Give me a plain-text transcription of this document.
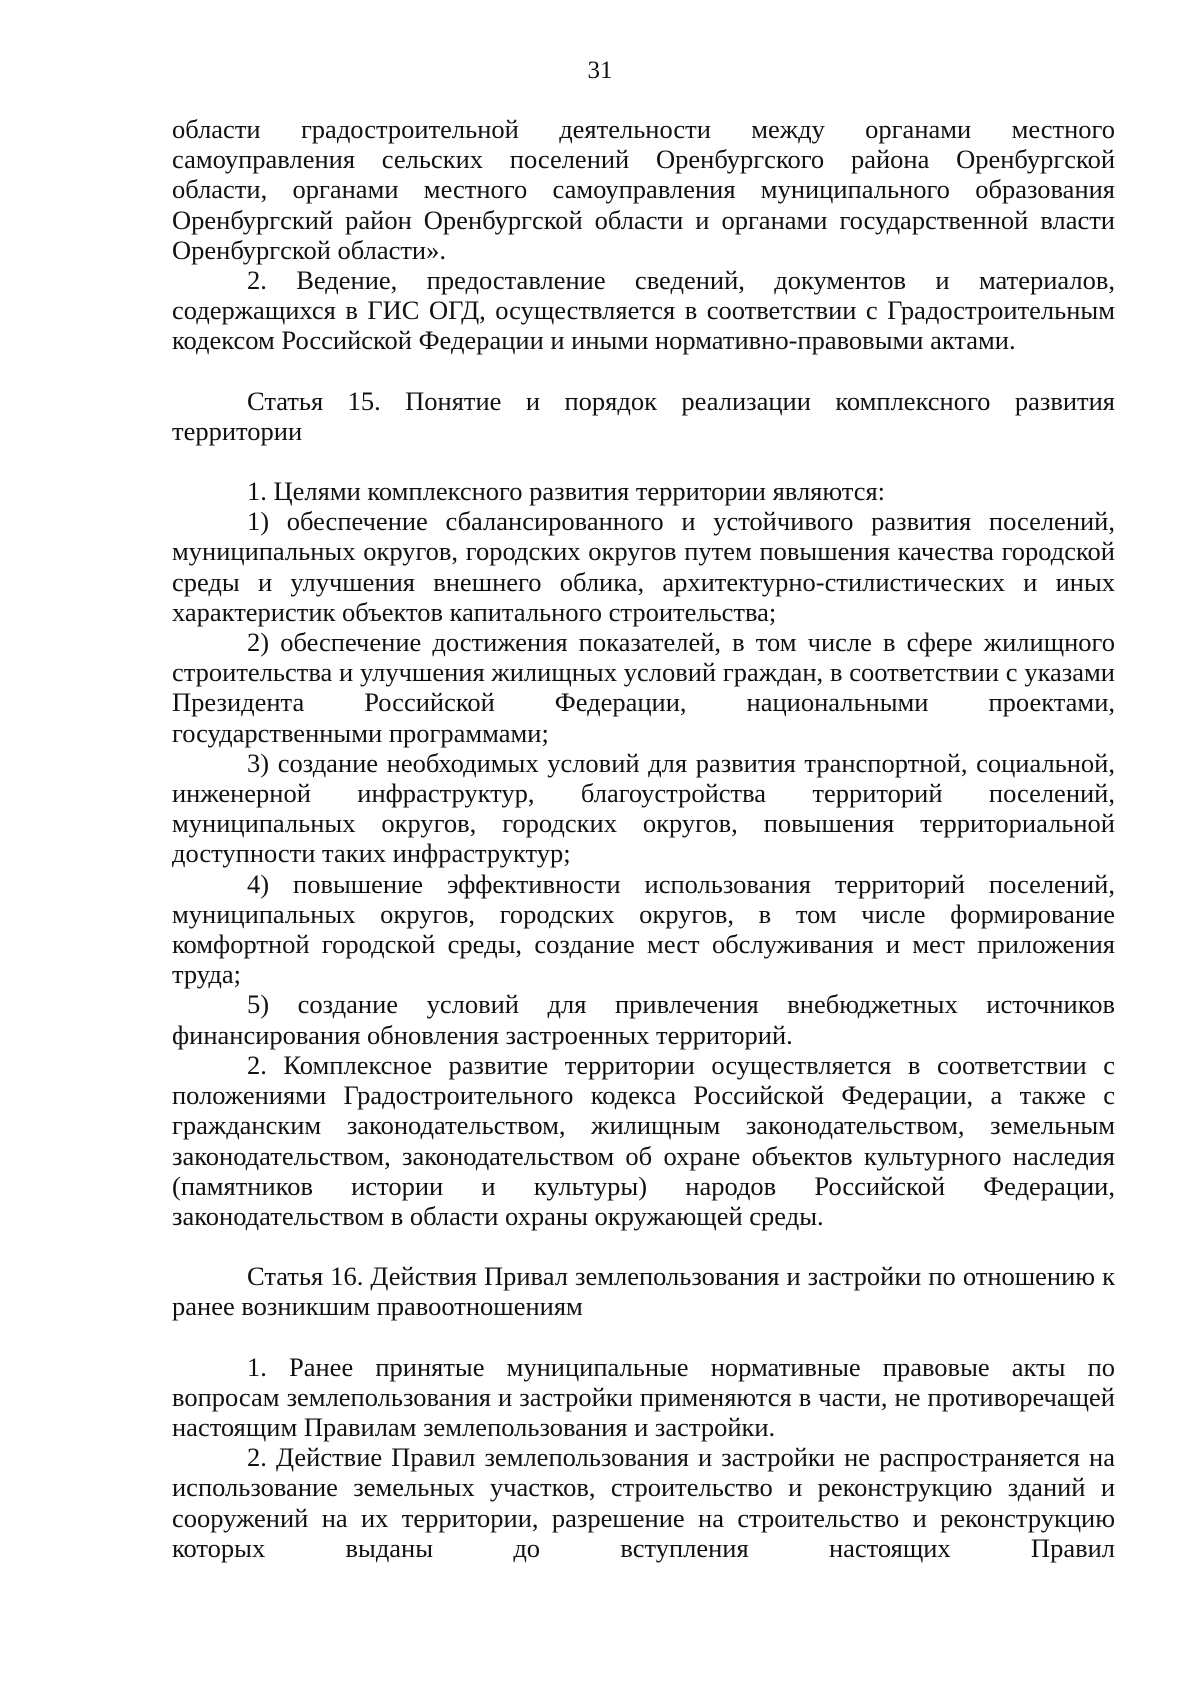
31

области градостроительной деятельности между органами местного самоуправления сельских поселений Оренбургского района Оренбургской области, органами местного самоуправления муниципального образования Оренбургский район Оренбургской области и органами государственной власти Оренбургской области».

2. Ведение, предоставление сведений, документов и материалов, содержащихся в ГИС ОГД, осуществляется в соответствии с Градостроительным кодексом Российской Федерации и иными нормативно-правовыми актами.

Статья 15. Понятие и порядок реализации комплексного развития территории

1. Целями комплексного развития территории являются:

1) обеспечение сбалансированного и устойчивого развития поселений, муниципальных округов, городских округов путем повышения качества городской среды и улучшения внешнего облика, архитектурно-стилистических и иных характеристик объектов капитального строительства;

2) обеспечение достижения показателей, в том числе в сфере жилищного строительства и улучшения жилищных условий граждан, в соответствии с указами Президента Российской Федерации, национальными проектами, государственными программами;

3) создание необходимых условий для развития транспортной, социальной, инженерной инфраструктур, благоустройства территорий поселений, муниципальных округов, городских округов, повышения территориальной доступности таких инфраструктур;

4) повышение эффективности использования территорий поселений, муниципальных округов, городских округов, в том числе формирование комфортной городской среды, создание мест обслуживания и мест приложения труда;

5) создание условий для привлечения внебюджетных источников финансирования обновления застроенных территорий.

2. Комплексное развитие территории осуществляется в соответствии с положениями Градостроительного кодекса Российской Федерации, а также с гражданским законодательством, жилищным законодательством, земельным законодательством, законодательством об охране объектов культурного наследия (памятников истории и культуры) народов Российской Федерации, законодательством в области охраны окружающей среды.

Статья 16. Действия Привал землепользования и застройки по отношению к ранее возникшим правоотношениям

1. Ранее принятые муниципальные нормативные правовые акты по вопросам землепользования и застройки применяются в части, не противоречащей настоящим Правилам землепользования и застройки.

2. Действие Правил землепользования и застройки не распространяется на использование земельных участков, строительство и реконструкцию зданий и сооружений на их территории, разрешение на строительство и реконструкцию которых выданы до вступления настоящих Правил
